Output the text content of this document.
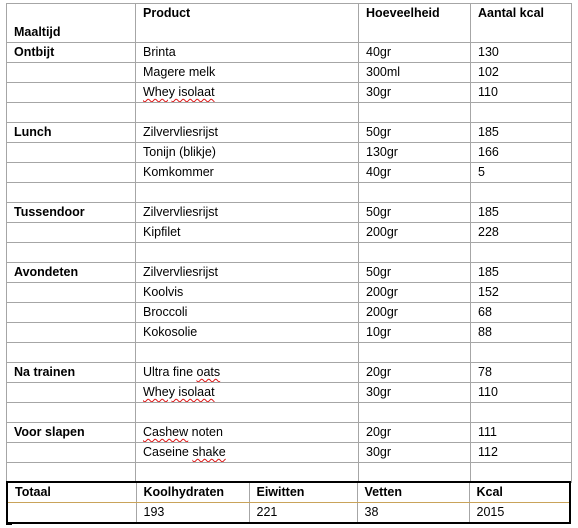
Maaltijd	Product	Hoeveelheid	Aantal kcal
Ontbijt	Brinta	40gr	130
	Magere melk	300ml	102
	Whey isolaat	30gr	110

Lunch	Zilvervliesrijst	50gr	185
	Tonijn (blikje)	130gr	166
	Komkommer	40gr	5

Tussendoor	Zilvervliesrijst	50gr	185
	Kipfilet	200gr	228

Avondeten	Zilvervliesrijst	50gr	185
	Koolvis	200gr	152
	Broccoli	200gr	68
	Kokosolie	10gr	88

Na trainen	Ultra fine oats	20gr	78
	Whey isolaat	30gr	110

Voor slapen	Cashew noten	20gr	111
	Caseine shake	30gr	112

Totaal	Koolhydraten	Eiwitten	Vetten	Kcal
	193	221	38	2015
